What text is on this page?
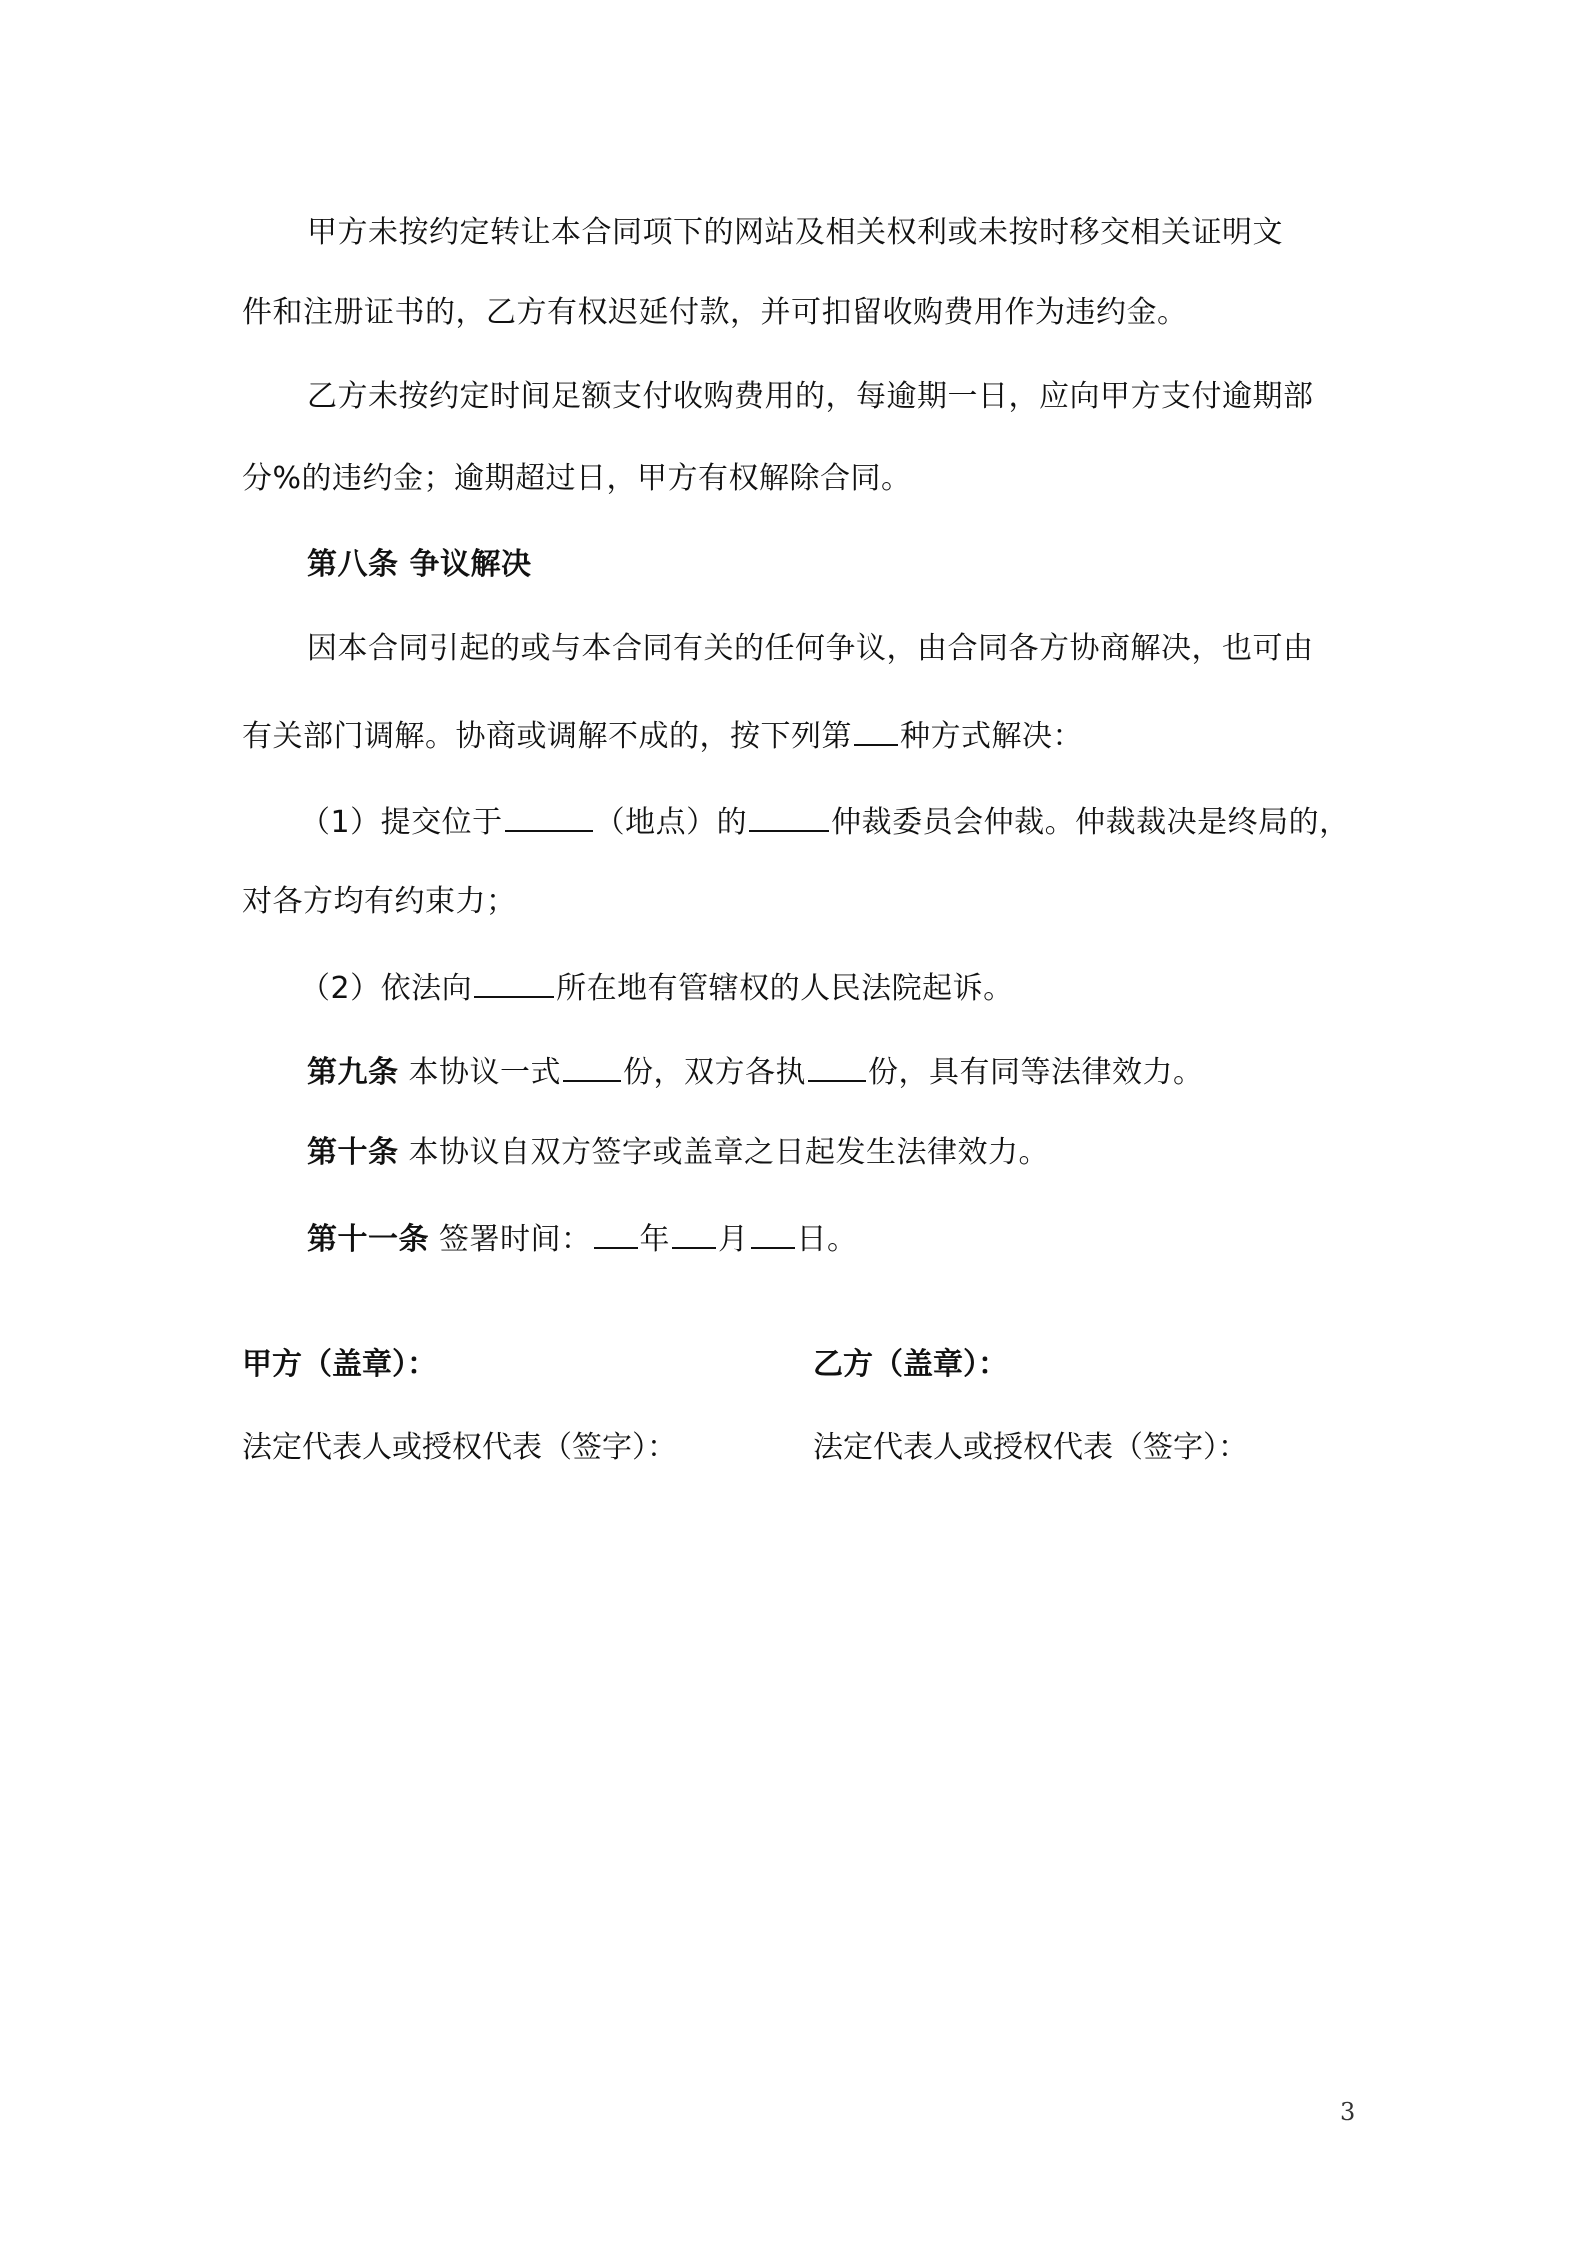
甲方未按约定转让本合同项下的网站及相关权利或未按时移交相关证明文
件和注册证书的，乙方有权迟延付款，并可扣留收购费用作为违约金。
乙方未按约定时间足额支付收购费用的，每逾期一日，应向甲方支付逾期部
分%的违约金；逾期超过日，甲方有权解除合同。
第八条 争议解决
因本合同引起的或与本合同有关的任何争议，由合同各方协商解决，也可由
有关部门调解。协商或调解不成的，按下列第 种方式解决：
（1）提交位于	（地点）的	仲裁委员会仲裁。仲裁裁决是终局的，
对各方均有约束力；
（2）依法向	所在地有管辖权的人民法院起诉。
第九条 本协议一式 份，双方各执 份，具有同等法律效力。
第十条 本协议自双方签字或盖章之日起发生法律效力。
第十一条 签署时间： 年 月 日。
甲方（盖章）：	乙方（盖章）：
法定代表人或授权代表（签字）：	法定代表人或授权代表（签字）：
3
